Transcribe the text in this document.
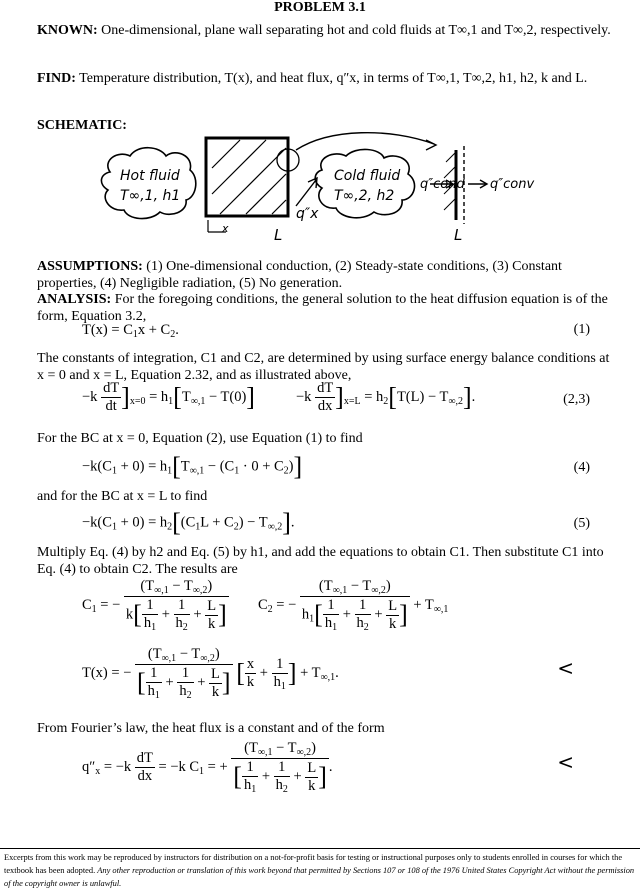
PROBLEM 3.1
KNOWN: One-dimensional, plane wall separating hot and cold fluids at T∞,1 and T∞,2, respectively.
FIND: Temperature distribution, T(x), and heat flux, q″x, in terms of T∞,1, T∞,2, h1, h2, k and L.
SCHEMATIC:
Hot fluid
T∞,1, h1
q″x
x	L
Cold fluid
T∞,2, h2
q″cond q″conv
L
ASSUMPTIONS: (1) One-dimensional conduction, (2) Steady-state conditions, (3) Constant properties, (4) Negligible radiation, (5) No generation.
ANALYSIS: For the foregoing conditions, the general solution to the heat diffusion equation is of the form, Equation 3.2,
$T(x) = C_1x + C_2$.	(1)
The constants of integration, C1 and C2, are determined by using surface energy balance conditions at x = 0 and x = L, Equation 2.32, and as illustrated above,
$-k \frac{dT}{dt} ]_{x=0} = h_1[T_{\infty,1} - T(0)]$	$-k \frac{dT}{dx} ]_{x=L} = h_2[T(L) - T_{\infty,2}]$.	(2,3)
For the BC at x = 0, Equation (2), use Equation (1) to find
$-k(C_1 + 0) = h_1[T_{\infty,1} - (C_1 \cdot 0 + C_2)]$	(4)
and for the BC at x = L to find
$-k(C_1 + 0) = h_2[(C_1L + C_2) - T_{\infty,2}]$.	(5)
Multiply Eq. (4) by h2 and Eq. (5) by h1, and add the equations to obtain C1. Then substitute C1 into Eq. (4) to obtain C2. The results are
$C_1$ = − $\frac{(T_{\infty,1} - T_{\infty,2})}{k[ \frac{1}{h_1} + \frac{1}{h_2} + \frac{L}{k} ]} C_2$ = − $\frac{(T_{\infty,1} - T_{\infty,2})}{h_1[ \frac{1}{h_1} + \frac{1}{h_2} + \frac{L}{k} ]} + T_{\infty,1}$
T(x) = − $\frac{(T_{\infty,1} - T_{\infty,2})}{[ \frac{1}{h_1} + \frac{1}{h_2} + \frac{L}{k} ]}$ [ $\frac{x}{k} + \frac{1}{h_1}$ ] + $T_{\infty,1}$.	<
From Fourier’s law, the heat flux is a constant and of the form
$q''_x = -k \frac{dT}{dx} = -k$ $C_1$ = + $\frac{(T_{\infty,1} - T_{\infty,2})}{[ \frac{1}{h_1} + \frac{1}{h_2} + \frac{L}{k} ]}$ .	<
Excerpts from this work may be reproduced by instructors for distribution on a not-for-profit basis for testing or instructional purposes only to students enrolled in courses for which the textbook has been adopted. Any other reproduction or translation of this work beyond that permitted by Sections 107 or 108 of the 1976 United States Copyright Act without the permission of the copyright owner is unlawful.
